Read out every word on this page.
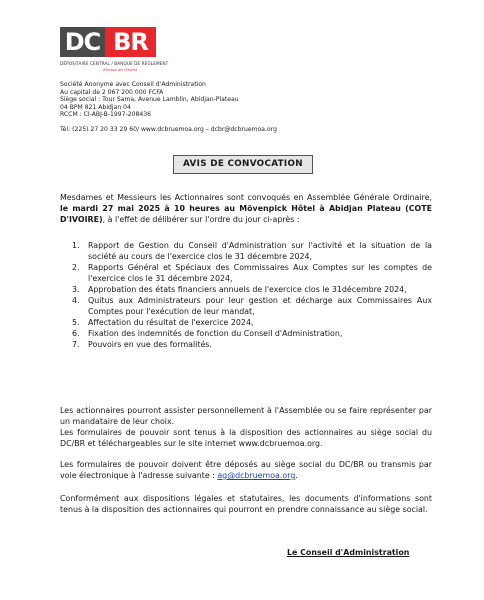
DC BR
DÉPOSITAIRE CENTRAL / BANQUE DE RÈGLEMENT
Afrique de l'Ouest
Société Anonyme avec Conseil d'Administration
Au capital de 2 067 200 000 FCFA
Siège social : Tour Sama, Avenue Lamblin, Abidjan-Plateau
04 BPM 821 Abidjan 04
RCCM : CI-ABJ-B-1997-208436
Tél: (225) 27 20 33 29 60/ www.dcbruemoa.org – dcbr@dcbruemoa.org
AVIS DE CONVOCATION
Mesdames et Messieurs les Actionnaires sont convoqués en Assemblée Générale Ordinaire, le mardi 27 mai 2025 à 10 heures au Mövenpick Hôtel à Abidjan Plateau (COTE D'IVOIRE), à l'effet de délibérer sur l'ordre du jour ci-après :
1.	Rapport de Gestion du Conseil d'Administration sur l'activité et la situation de la société au cours de l'exercice clos le 31 décembre 2024,
2.	Rapports Général et Spéciaux des Commissaires Aux Comptes sur les comptes de l'exercice clos le 31 décembre 2024,
3.	Approbation des états financiers annuels de l'exercice clos le 31décembre 2024,
4.	Quitus aux Administrateurs pour leur gestion et décharge aux Commissaires Aux Comptes pour l'exécution de leur mandat,
5.	Affectation du résultat de l'exercice 2024,
6.	Fixation des indemnités de fonction du Conseil d'Administration,
7.	Pouvoirs en vue des formalités.
Les actionnaires pourront assister personnellement à l'Assemblée ou se faire représenter par un mandataire de leur choix.
Les formulaires de pouvoir sont tenus à la disposition des actionnaires au siège social du DC/BR et téléchargeables sur le site internet www.dcbruemoa.org.
Les formulaires de pouvoir doivent être déposés au siège social du DC/BR ou transmis par voie électronique à l'adresse suivante : ag@dcbruemoa.org.
Conformément aux dispositions légales et statutaires, les documents d'informations sont tenus à la disposition des actionnaires qui pourront en prendre connaissance au siège social.
Le Conseil d'Administration
